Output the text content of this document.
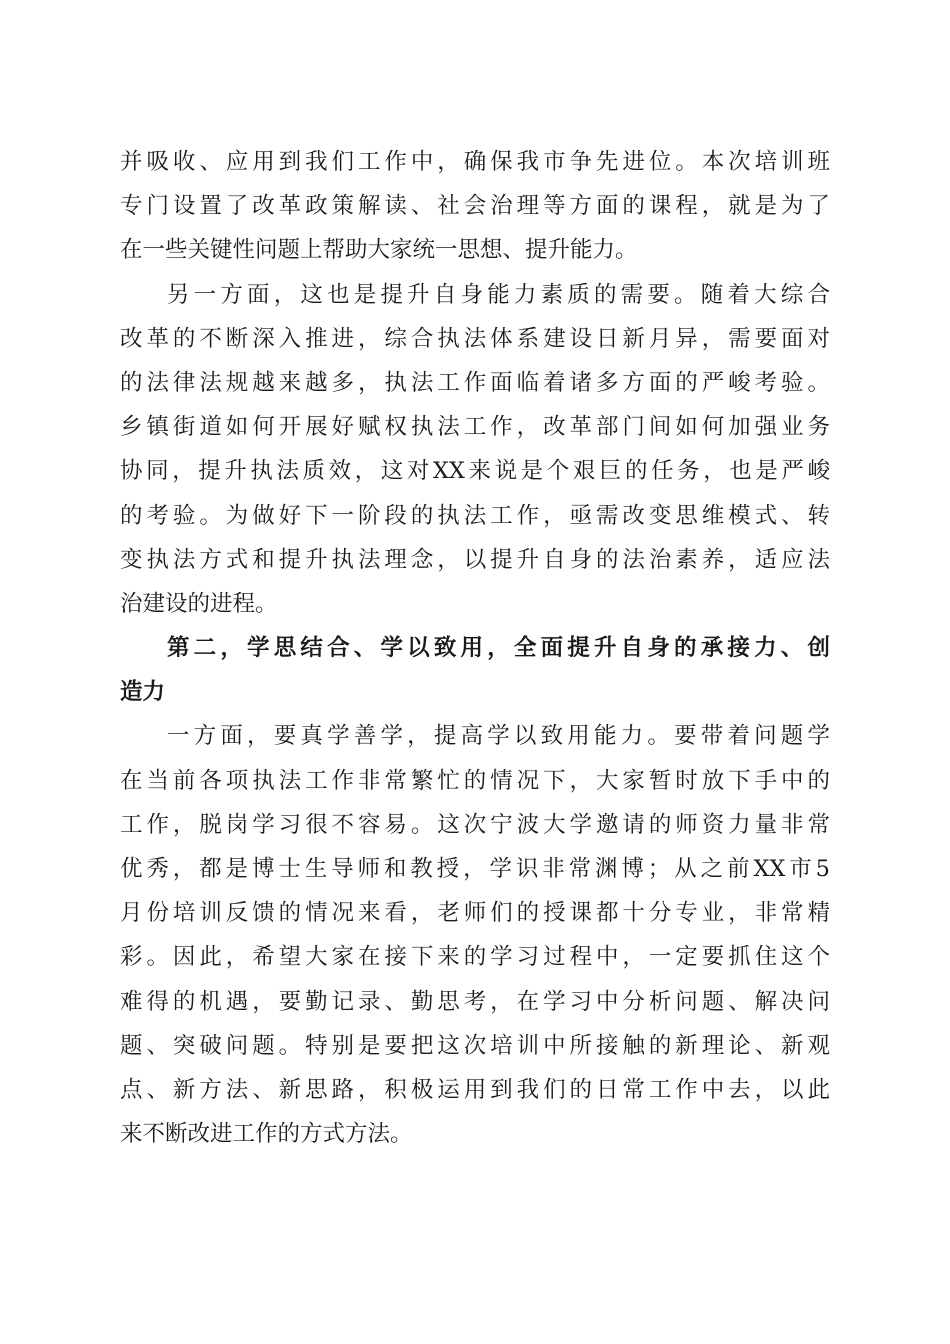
并吸收、应用到我们工作中，确保我市争先进位。本次培训班
专门设置了改革政策解读、社会治理等方面的课程，就是为了
在一些关键性问题上帮助大家统一思想、提升能力。
另一方面，这也是提升自身能力素质的需要。随着大综合
改革的不断深入推进，综合执法体系建设日新月异，需要面对
的法律法规越来越多，执法工作面临着诸多方面的严峻考验。
乡镇街道如何开展好赋权执法工作，改革部门间如何加强业务
协同，提升执法质效，这对XX来说是个艰巨的任务，也是严峻
的考验。为做好下一阶段的执法工作，亟需改变思维模式、转
变执法方式和提升执法理念，以提升自身的法治素养，适应法
治建设的进程。
第二，学思结合、学以致用，全面提升自身的承接力、创
造力
一方面，要真学善学，提高学以致用能力。要带着问题学
在当前各项执法工作非常繁忙的情况下，大家暂时放下手中的
工作，脱岗学习很不容易。这次宁波大学邀请的师资力量非常
优秀，都是博士生导师和教授，学识非常渊博；从之前XX市5
月份培训反馈的情况来看，老师们的授课都十分专业，非常精
彩。因此，希望大家在接下来的学习过程中，一定要抓住这个
难得的机遇，要勤记录、勤思考，在学习中分析问题、解决问
题、突破问题。特别是要把这次培训中所接触的新理论、新观
点、新方法、新思路，积极运用到我们的日常工作中去，以此
来不断改进工作的方式方法。
